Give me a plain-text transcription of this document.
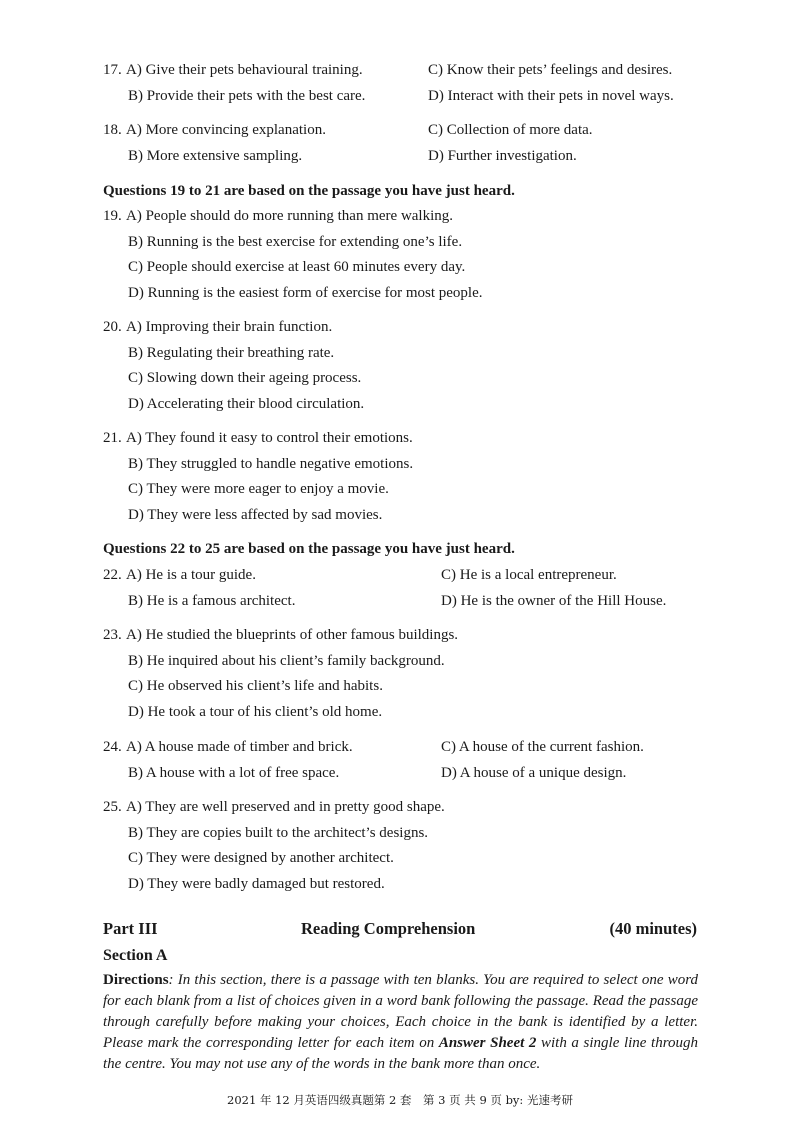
17. A) Give their pets behavioural training.	C) Know their pets’ feelings and desires.
B) Provide their pets with the best care.	D) Interact with their pets in novel ways.
18. A) More convincing explanation.	C) Collection of more data.
B) More extensive sampling.	D) Further investigation.
Questions 19 to 21 are based on the passage you have just heard.
19. A) People should do more running than mere walking.
B) Running is the best exercise for extending one’s life.
C) People should exercise at least 60 minutes every day.
D) Running is the easiest form of exercise for most people.
20. A) Improving their brain function.
B) Regulating their breathing rate.
C) Slowing down their ageing process.
D) Accelerating their blood circulation.
21. A) They found it easy to control their emotions.
B) They struggled to handle negative emotions.
C) They were more eager to enjoy a movie.
D) They were less affected by sad movies.
Questions 22 to 25 are based on the passage you have just heard.
22. A) He is a tour guide.	C) He is a local entrepreneur.
B) He is a famous architect.	D) He is the owner of the Hill House.
23. A) He studied the blueprints of other famous buildings.
B) He inquired about his client’s family background.
C) He observed his client’s life and habits.
D) He took a tour of his client’s old home.
24. A) A house made of timber and brick.	C) A house of the current fashion.
B) A house with a lot of free space.	D) A house of a unique design.
25. A) They are well preserved and in pretty good shape.
B) They are copies built to the architect’s designs.
C) They were designed by another architect.
D) They were badly damaged but restored.
Part III	Reading Comprehension	(40 minutes)
Section A
Directions: In this section, there is a passage with ten blanks. You are required to select one word for each blank from a list of choices given in a word bank following the passage. Read the passage through carefully before making your choices, Each choice in the bank is identified by a letter. Please mark the corresponding letter for each item on Answer Sheet 2 with a single line through the centre. You may not use any of the words in the bank more than once.
2021 年 12 月英语四级真题第 2 套　第 3 页 共 9 页 by: 光速考研
